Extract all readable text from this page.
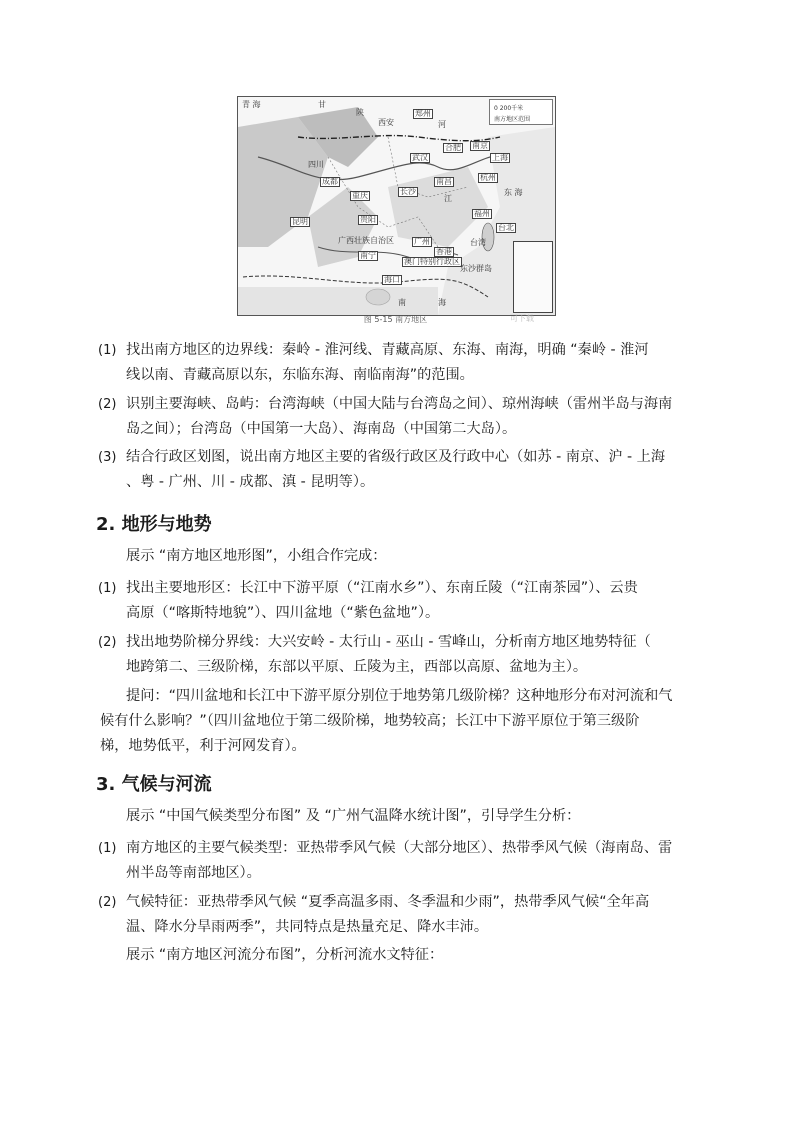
青 海	甘
陕
西安
郑州
河
合肥 南京
上海
武汉
四川
成都
重庆	长沙
南昌	杭州
江
福州
贵阳
昆明
广西壮族自治区	广州
南宁
澳门特别行政区
香港
海口
台北
台湾
东沙群岛
东 海
南	海
0 200千米
南方地区范围
图 5-15 南方地区	可下载
(1) 找出南方地区的边界线：秦岭 - 淮河线、青藏高原、东海、南海，明确 “秦岭 - 淮河
线以南、青藏高原以东，东临东海、南临南海”的范围。
(2) 识别主要海峡、岛屿：台湾海峡（中国大陆与台湾岛之间）、琼州海峡（雷州半岛与海南
岛之间）；台湾岛（中国第一大岛）、海南岛（中国第二大岛）。
(3) 结合行政区划图，说出南方地区主要的省级行政区及行政中心（如苏 - 南京、沪 - 上海
、粤 - 广州、川 - 成都、滇 - 昆明等）。
2. 地形与地势
展示 “南方地区地形图”，小组合作完成：
(1) 找出主要地形区：长江中下游平原（“江南水乡”）、东南丘陵（“江南茶园”）、云贵
高原（“喀斯特地貌”）、四川盆地（“紫色盆地”）。
(2) 找出地势阶梯分界线：大兴安岭 - 太行山 - 巫山 - 雪峰山，分析南方地区地势特征（
地跨第二、三级阶梯，东部以平原、丘陵为主，西部以高原、盆地为主）。
提问：“四川盆地和长江中下游平原分别位于地势第几级阶梯？这种地形分布对河流和气
候有什么影响？”（四川盆地位于第二级阶梯，地势较高；长江中下游平原位于第三级阶
梯，地势低平，利于河网发育）。
3. 气候与河流
展示 “中国气候类型分布图” 及 “广州气温降水统计图”，引导学生分析：
(1) 南方地区的主要气候类型：亚热带季风气候（大部分地区）、热带季风气候（海南岛、雷
州半岛等南部地区）。
(2) 气候特征：亚热带季风气候 “夏季高温多雨、冬季温和少雨”，热带季风气候“全年高
温、降水分旱雨两季”，共同特点是热量充足、降水丰沛。
展示 “南方地区河流分布图”，分析河流水文特征：
